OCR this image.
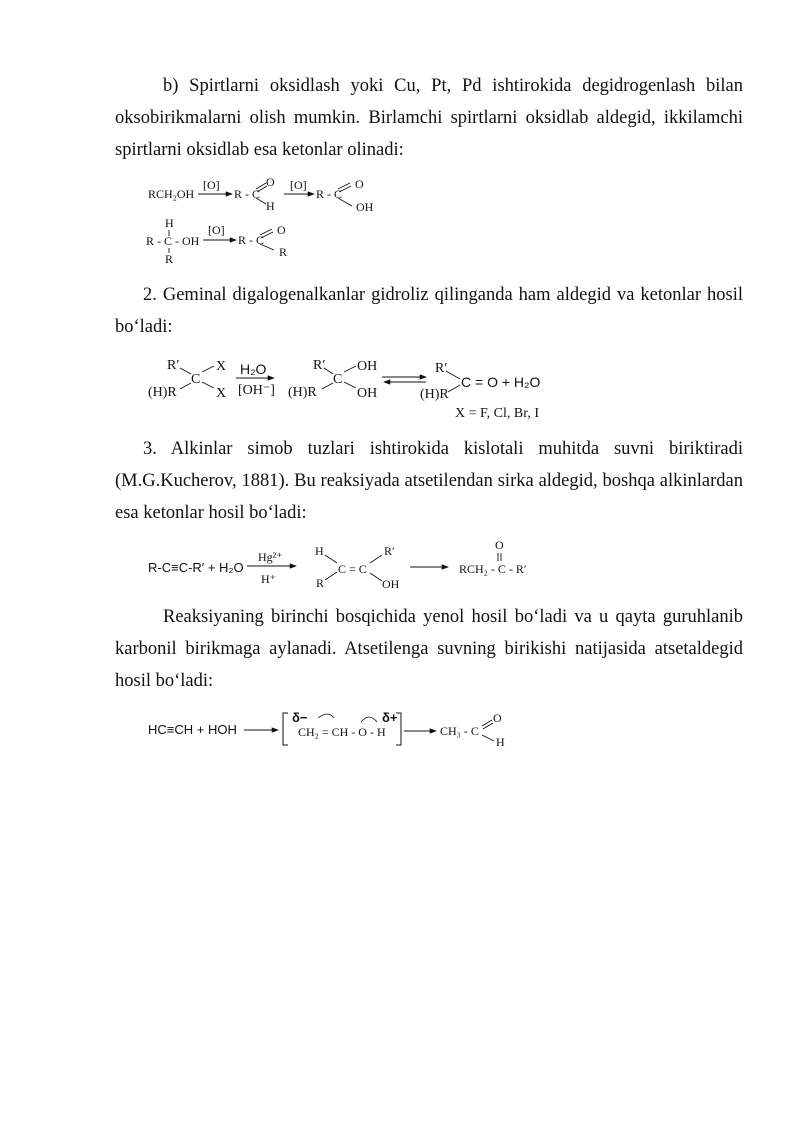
b) Spirtlarni oksidlash yoki Cu, Pt, Pd ishtirokida degidrogenlash bilan oksobirikmalarni olish mumkin. Birlamchi spirtlarni oksidlab aldegid, ikkilamchi spirtlarni oksidlab esa ketonlar olinadi:

RCH₂OH
[O]
R - C
O
H
[O]
R - C
O
OH
H
R - C - OH
R
[O]
R - C
O
R

2. Geminal digalogenalkanlar gidroliz qilinganda ham aldegid va ketonlar hosil bo‘ladi:

R′
(H)R
C
X
X
H₂O
[OH⁻]
R′
(H)R
C
OH
OH
R′
(H)R
C = O + H₂O
X = F, Cl, Br, I

3. Alkinlar simob tuzlari ishtirokida kislotali muhitda suvni biriktiradi (M.G.Kucherov, 1881). Bu reaksiyada atsetilendan sirka aldegid, boshqa alkinlardan esa ketonlar hosil bo‘ladi:

R-C≡C-R′ + H₂O
Hg²⁺
H⁺
H
R
C = C
R′
OH
O
RCH₂ - C - R′

Reaksiyaning birinchi bosqichida yenol hosil bo‘ladi va u qayta guruhlanib karbonil birikmaga aylanadi. Atsetilenga suvning birikishi natijasida atsetaldegid hosil bo‘ladi:

HC≡CH + HOH
δ−	δ+
CH₂ = CH - O - H	CH₃ - C
O
H
